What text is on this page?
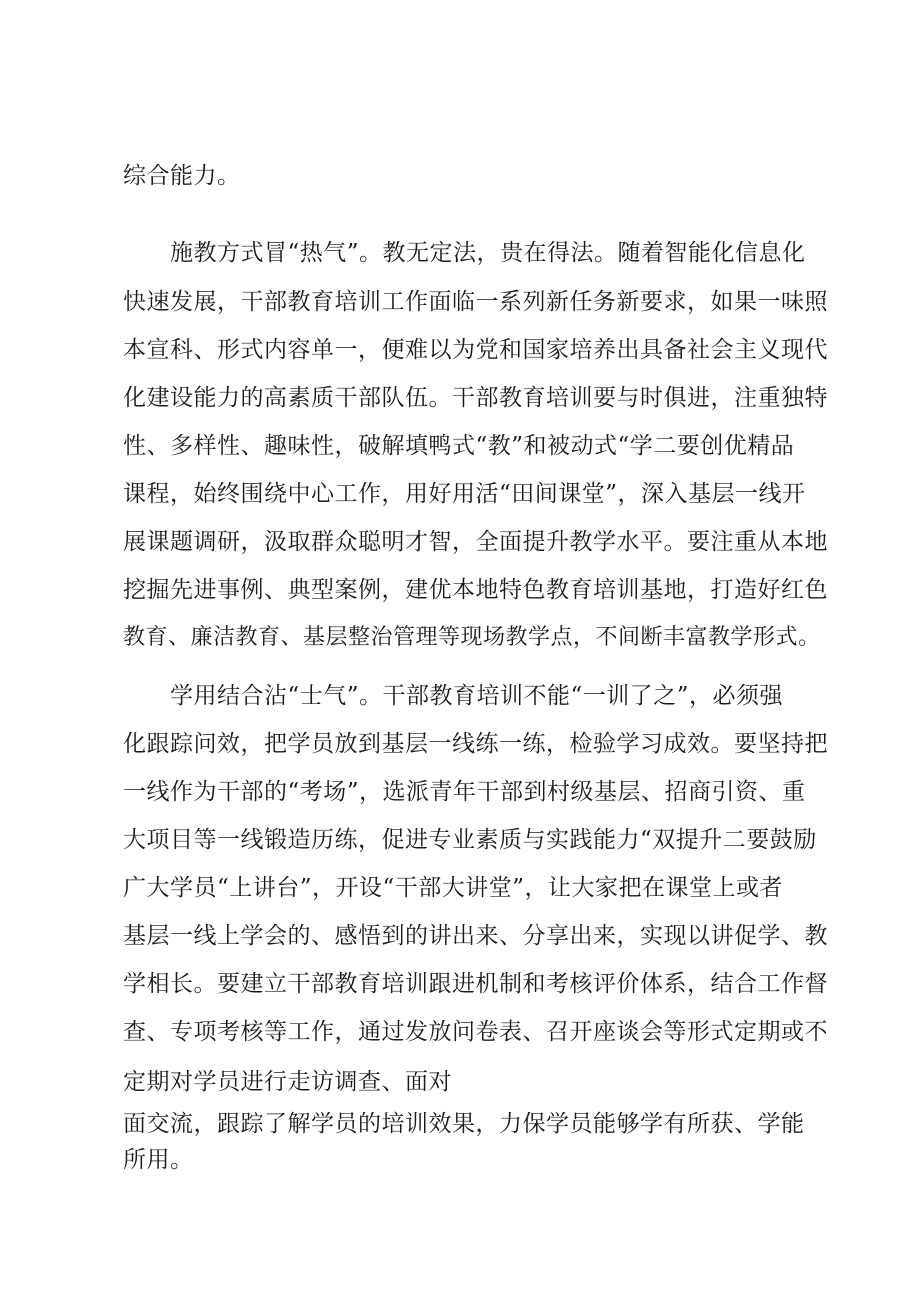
综合能力。
施教方式冒“热气”。教无定法，贵在得法。随着智能化信息化
快速发展，干部教育培训工作面临一系列新任务新要求，如果一味照
本宣科、形式内容单一，便难以为党和国家培养出具备社会主义现代
化建设能力的高素质干部队伍。干部教育培训要与时俱进，注重独特
性、多样性、趣味性，破解填鸭式“教”和被动式“学二要创优精品
课程，始终围绕中心工作，用好用活“田间课堂”，深入基层一线开
展课题调研，汲取群众聪明才智，全面提升教学水平。要注重从本地
挖掘先进事例、典型案例，建优本地特色教育培训基地，打造好红色
教育、廉洁教育、基层整治管理等现场教学点，不间断丰富教学形式。
学用结合沾“士气”。干部教育培训不能“一训了之”，必须强
化跟踪问效，把学员放到基层一线练一练，检验学习成效。要坚持把
一线作为干部的“考场”，选派青年干部到村级基层、招商引资、重
大项目等一线锻造历练，促进专业素质与实践能力“双提升二要鼓励
广大学员“上讲台”，开设“干部大讲堂”，让大家把在课堂上或者
基层一线上学会的、感悟到的讲出来、分享出来，实现以讲促学、教
学相长。要建立干部教育培训跟进机制和考核评价体系，结合工作督
查、专项考核等工作，通过发放问卷表、召开座谈会等形式定期或不
定期对学员进行走访调查、面对
面交流，跟踪了解学员的培训效果，力保学员能够学有所获、学能
所用。
